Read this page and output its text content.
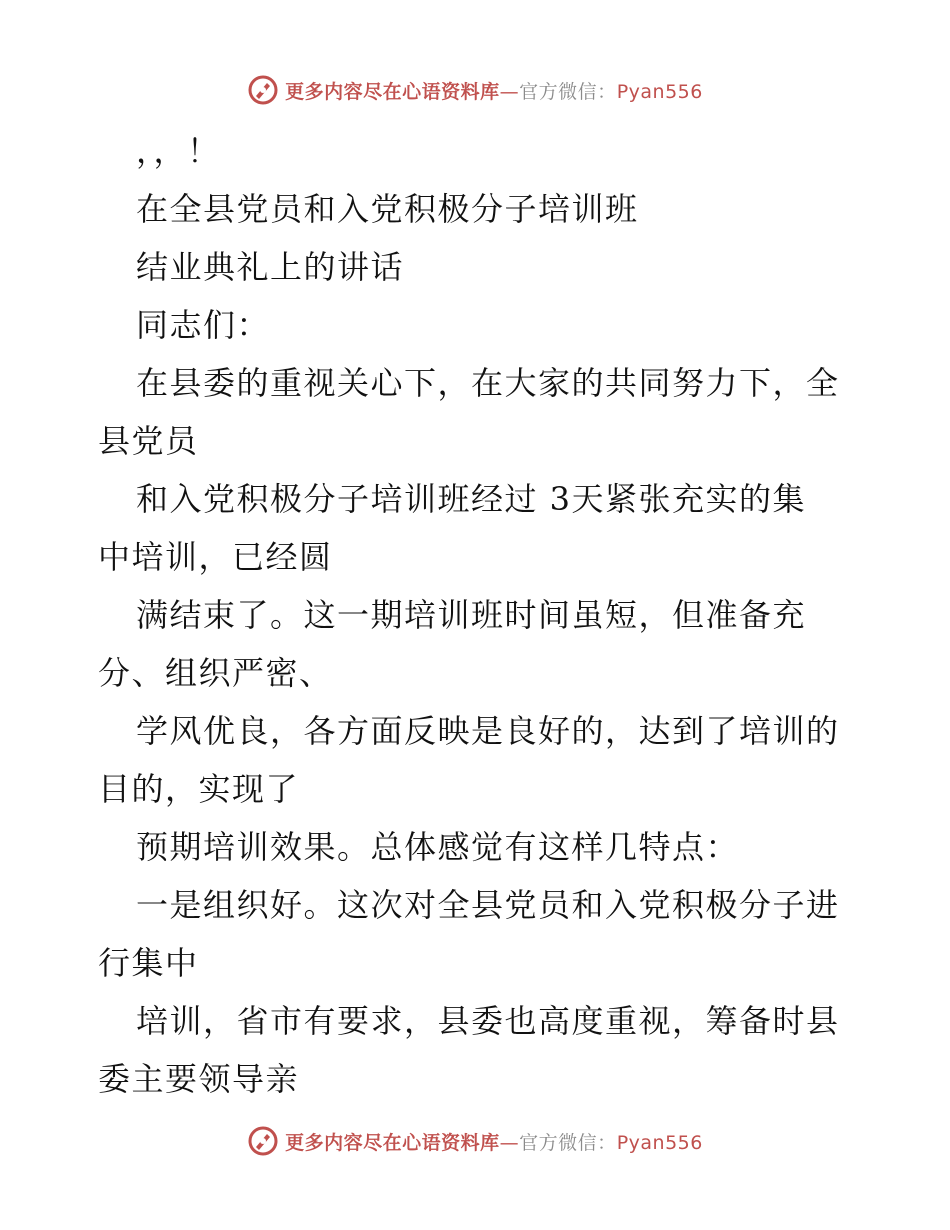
更多内容尽在心语资料库—官方微信：Pyan556
，，！
在全县党员和入党积极分子培训班
结业典礼上的讲话
同志们：
在县委的重视关心下，在大家的共同努力下，全
县党员
和入党积极分子培训班经过 3天紧张充实的集
中培训，已经圆
满结束了。这一期培训班时间虽短，但准备充
分、组织严密、
学风优良，各方面反映是良好的，达到了培训的
目的，实现了
预期培训效果。总体感觉有这样几特点：
一是组织好。这次对全县党员和入党积极分子进
行集中
培训，省市有要求，县委也高度重视，筹备时县
委主要领导亲
更多内容尽在心语资料库—官方微信：Pyan556
